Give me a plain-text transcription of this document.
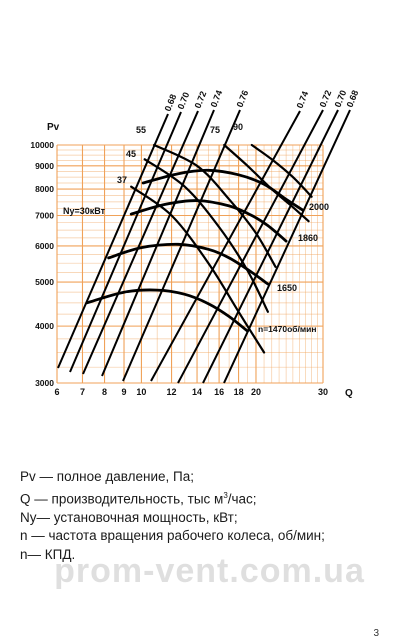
6 7 8 9 10 12 14 16 18 20	30
3000
4000
5000
6000
7000
8000
9000
10000
Q
Pv
0.68
0.70 0.72 0.74 0.76	0.74 0.72 0.70
0.68
Ny=30кВт
n=1470об/мин
1650
1860
2000
37
45
55	75 90
Pv — полное давление, Па;
Q — производительность, тыс $м^3$/час;
Ny— установочная мощность, кВт;
n — частота вращения рабочего колеса, об/мин;
n— КПД.
prom-vent.com.ua
3
